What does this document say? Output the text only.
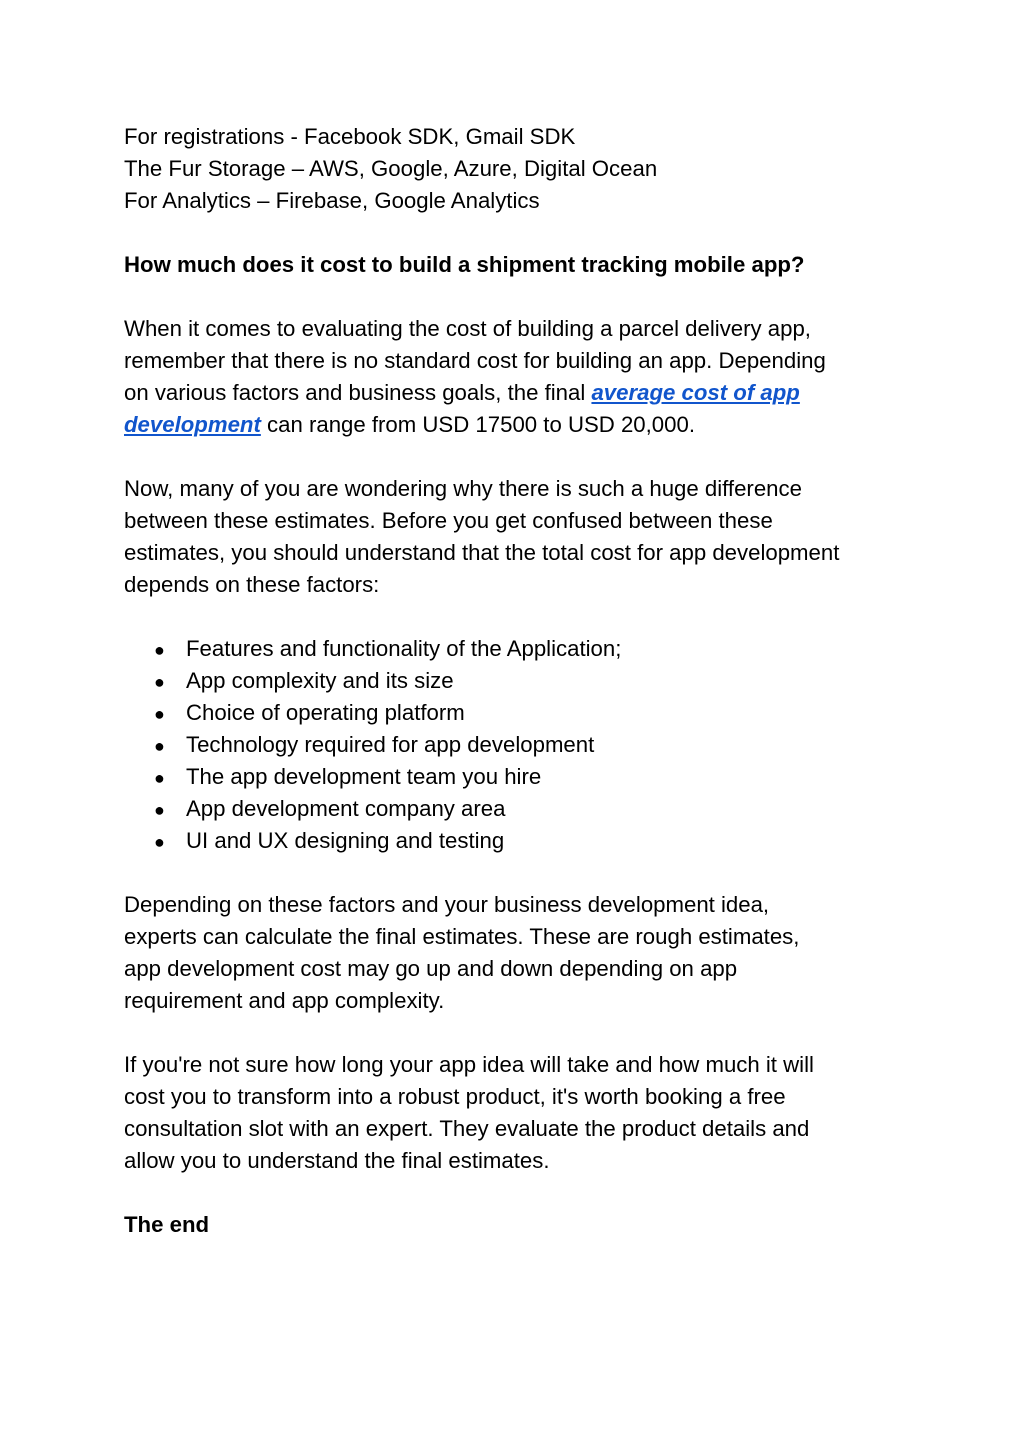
For registrations - Facebook SDK, Gmail SDK
The Fur Storage – AWS, Google, Azure, Digital Ocean
For Analytics – Firebase, Google Analytics
How much does it cost to build a shipment tracking mobile app?
When it comes to evaluating the cost of building a parcel delivery app,
remember that there is no standard cost for building an app. Depending
on various factors and business goals, the final average cost of app
development can range from USD 17500 to USD 20,000.
Now, many of you are wondering why there is such a huge difference
between these estimates. Before you get confused between these
estimates, you should understand that the total cost for app development
depends on these factors:
● Features and functionality of the Application;
● App complexity and its size
● Choice of operating platform
● Technology required for app development
● The app development team you hire
● App development company area
● UI and UX designing and testing
Depending on these factors and your business development idea,
experts can calculate the final estimates. These are rough estimates,
app development cost may go up and down depending on app
requirement and app complexity.
If you're not sure how long your app idea will take and how much it will
cost you to transform into a robust product, it's worth booking a free
consultation slot with an expert. They evaluate the product details and
allow you to understand the final estimates.
The end
